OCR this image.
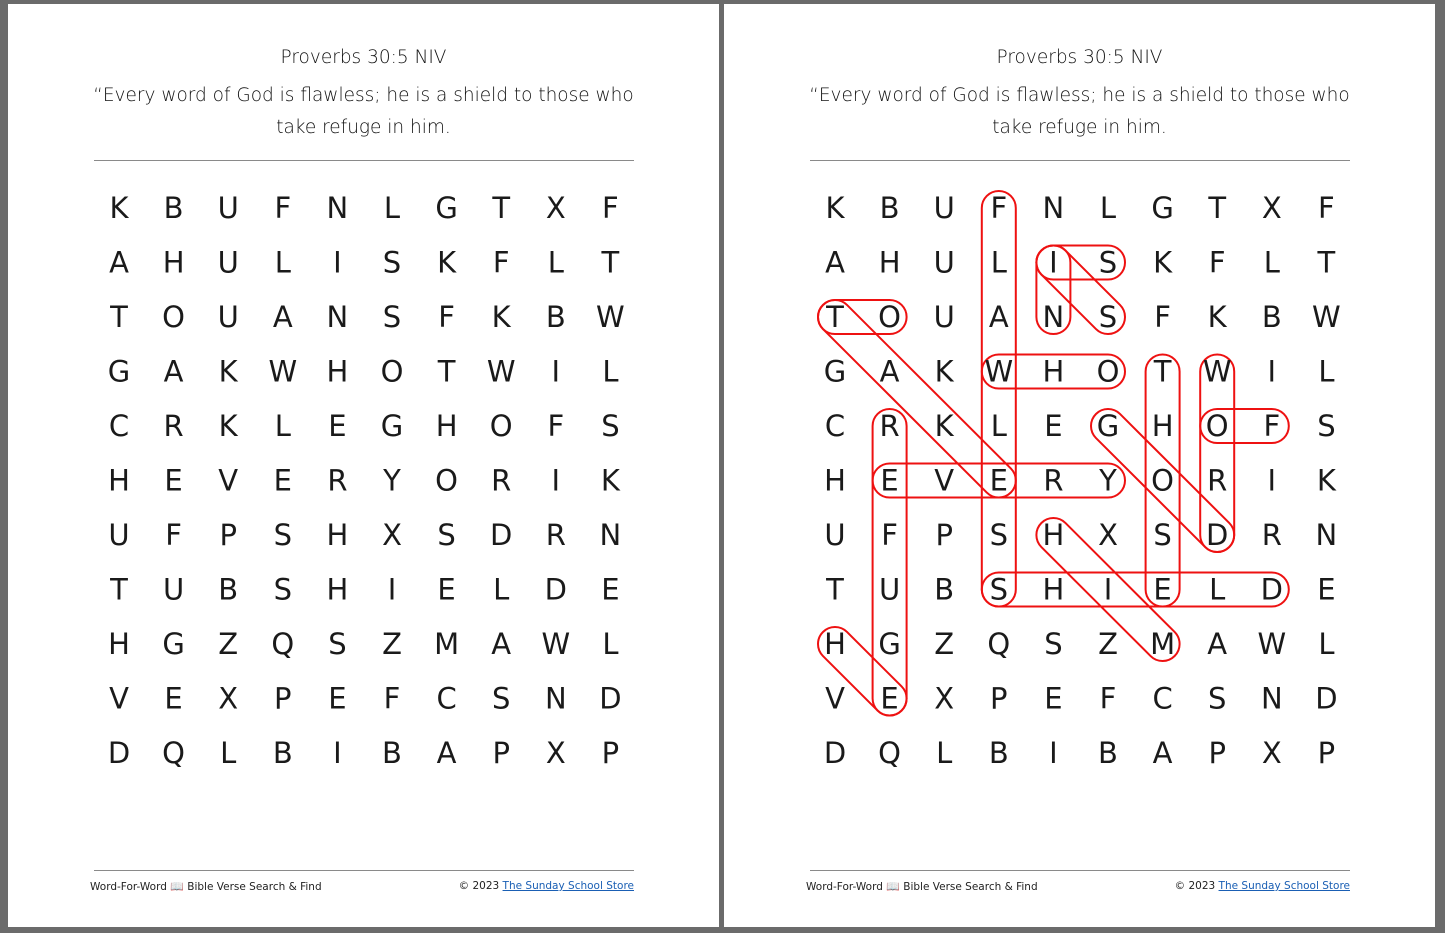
Proverbs 30:5 NIV
“Every word of God is flawless; he is a shield to those who take refuge in him.
K B U F N L G T X F
A H U L I S K F L T
T O U A N S F K B W
G A K W H O T W I L
C R K L E G H O F S
H E V E R Y O R I K
U F P S H X S D R N
T U B S H I E L D E
H G Z Q S Z M A W L
V E X P E F C S N D
D Q L B I B A P X P
Word-For-Word 📖 Bible Verse Search & Find	© 2023 The Sunday School Store
Proverbs 30:5 NIV
“Every word of God is flawless; he is a shield to those who take refuge in him.
K B U F N L G T X F
A H U L I S K F L T
T O U A N S F K B W
G A K W H O T W I L
C R K L E G H O F S
H E V E R Y O R I K
U F P S H X S D R N
T U B S H I E L D E
H G Z Q S Z M A W L
V E X P E F C S N D
D Q L B I B A P X P
Word-For-Word 📖 Bible Verse Search & Find	© 2023 The Sunday School Store
